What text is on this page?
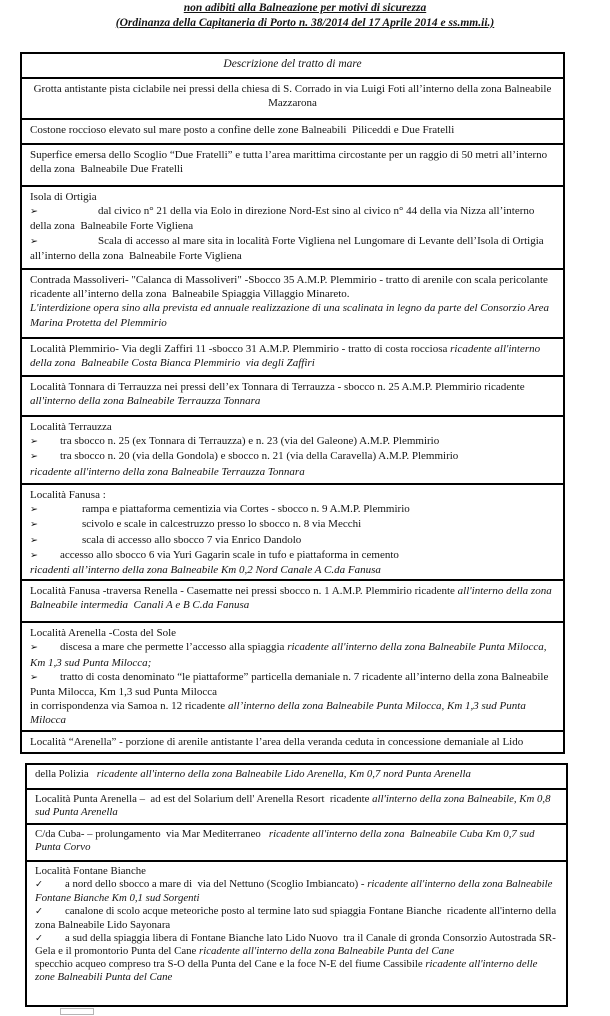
non adibiti alla Balneazione per motivi di sicurezza
(Ordinanza della Capitaneria di Porto n. 38/2014 del 17 Aprile 2014 e ss.mm.ii.)
Descrizione del tratto di mare
Grotta antistante pista ciclabile nei pressi della chiesa di S. Corrado in via Luigi Foti all’interno della zona Balneabile Mazzarona
Costone roccioso elevato sul mare posto a confine delle zone Balneabili  Piliceddi e Due Fratelli
Superfice emersa dello Scoglio “Due Fratelli” e tutta l’area marittima circostante per un raggio di 50 metri all’interno della zona  Balneabile Due Fratelli
Isola di Ortigia
➢	dal civico n° 21 della via Eolo in direzione Nord-Est sino al civico n° 44 della via Nizza all’interno della zona  Balneabile Forte Vigliena
➢	Scala di accesso al mare sita in località Forte Vigliena nel Lungomare di Levante dell’Isola di Ortigia all’interno della zona  Balneabile Forte Vigliena
Contrada Massoliveri- "Calanca di Massoliveri" -Sbocco 35 A.M.P. Plemmirio - tratto di arenile con scala pericolante ricadente all’interno della zona  Balneabile Spiaggia Villaggio Minareto.
L'interdizione opera sino alla prevista ed annuale realizzazione di una scalinata in legno da parte del Consorzio Area Marina Protetta del Plemmirio
Località Plemmirio- Via degli Zaffiri 11 -sbocco 31 A.M.P. Plemmirio - tratto di costa rocciosa ricadente all'interno della zona  Balneabile Costa Bianca Plemmirio  via degli Zaffiri
Località Tonnara di Terrauzza nei pressi dell’ex Tonnara di Terrauzza - sbocco n. 25 A.M.P. Plemmirio ricadente all'interno della zona Balneabile Terrauzza Tonnara
Località Terrauzza
➢ tra sbocco n. 25 (ex Tonnara di Terrauzza) e n. 23 (via del Galeone) A.M.P. Plemmirio
➢ tra sbocco n. 20 (via della Gondola) e sbocco n. 21 (via della Caravella) A.M.P. Plemmirio
ricadente all'interno della zona Balneabile Terrauzza Tonnara
Località Fanusa :
➢	rampa e piattaforma cementizia via Cortes - sbocco n. 9 A.M.P. Plemmirio
➢	scivolo e scale in calcestruzzo presso lo sbocco n. 8 via Mecchi
➢	scala di accesso allo sbocco 7 via Enrico Dandolo
➢ accesso allo sbocco 6 via Yuri Gagarin scale in tufo e piattaforma in cemento
ricadenti all’interno della zona Balneabile Km 0,2 Nord Canale A C.da Fanusa
Località Fanusa -traversa Renella - Casematte nei pressi sbocco n. 1 A.M.P. Plemmirio ricadente all'interno della zona Balneabile intermedia  Canali A e B C.da Fanusa
Località Arenella -Costa del Sole
➢ discesa a mare che permette l’accesso alla spiaggia ricadente all'interno della zona Balneabile Punta Milocca, Km 1,3 sud Punta Milocca;
➢ tratto di costa denominato “le piattaforme” particella demaniale n. 7 ricadente all’interno della zona Balneabile Punta Milocca, Km 1,3 sud Punta Milocca
in corrispondenza via Samoa n. 12 ricadente all’interno della zona Balneabile Punta Milocca, Km 1,3 sud Punta Milocca
Località “Arenella” - porzione di arenile antistante l’area della veranda ceduta in concessione demaniale al Lido
della Polizia   ricadente all'interno della zona Balneabile Lido Arenella, Km 0,7 nord Punta Arenella
Località Punta Arenella –  ad est del Solarium dell' Arenella Resort  ricadente all'interno della zona Balneabile, Km 0,8 sud Punta Arenella
C/da Cuba- – prolungamento  via Mar Mediterraneo   ricadente all'interno della zona  Balneabile Cuba Km 0,7 sud Punta Corvo
Località Fontane Bianche
✓ a nord dello sbocco a mare di  via del Nettuno (Scoglio Imbiancato) - ricadente all'interno della zona Balneabile Fontane Bianche Km 0,1 sud Sorgenti
✓ canalone di scolo acque meteoriche posto al termine lato sud spiaggia Fontane Bianche  ricadente all'interno della zona Balneabile Lido Sayonara
✓ a sud della spiaggia libera di Fontane Bianche lato Lido Nuovo  tra il Canale di gronda Consorzio Autostrada SR- Gela e il promontorio Punta del Cane ricadente all'interno della zona Balneabile Punta del Cane
specchio acqueo compreso tra S-O della Punta del Cane e la foce N-E del fiume Cassibile ricadente all'interno delle zone Balneabili Punta del Cane
